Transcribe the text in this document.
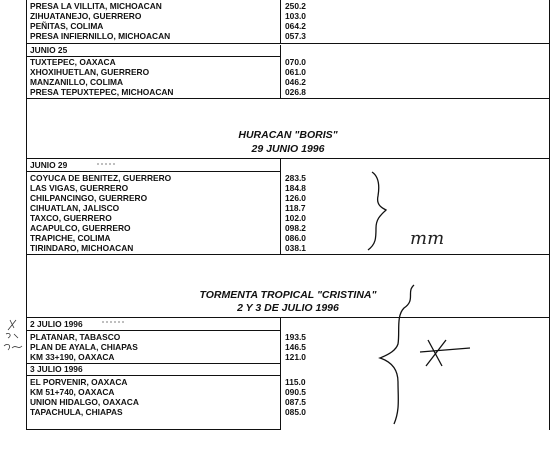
PRESA LA VILLITA, MICHOACAN	250.2
ZIHUATANEJO, GUERRERO	103.0
PEÑITAS, COLIMA	064.2
PRESA INFIERNILLO, MICHOACAN	057.3
JUNIO 25
TUXTEPEC, OAXACA	070.0
XHOXIHUETLAN, GUERRERO	061.0
MANZANILLO, COLIMA	046.2
PRESA TEPUXTEPEC, MICHOACAN	026.8
HURACAN "BORIS"
29 JUNIO 1996
JUNIO 29
COYUCA DE BENITEZ, GUERRERO	283.5
LAS VIGAS, GUERRERO	184.8
CHILPANCINGO, GUERRERO	126.0
CIHUATLAN, JALISCO	118.7
TAXCO, GUERRERO	102.0
ACAPULCO, GUERRERO	098.2
TRAPICHE, COLIMA	086.0
TIRINDARO, MICHOACAN	038.1
TORMENTA TROPICAL "CRISTINA"
2 Y 3 DE JULIO 1996
2 JULIO 1996
PLATANAR, TABASCO	193.5
PLAN DE AYALA, CHIAPAS	146.5
KM 33+190, OAXACA	121.0
3 JULIO 1996
EL PORVENIR, OAXACA	115.0
KM 51+740, OAXACA	090.5
UNION HIDALGO, OAXACA	087.5
TAPACHULA, CHIAPAS	085.0
mm
